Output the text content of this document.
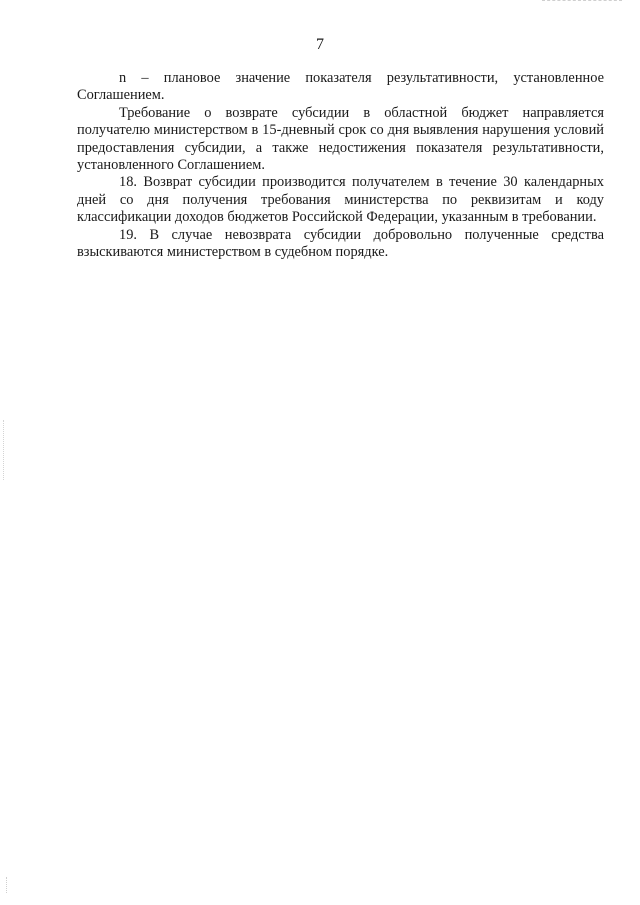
7

n – плановое значение показателя результативности, установленное Соглашением.

Требование о возврате субсидии в областной бюджет направляется получателю министерством в 15-дневный срок со дня выявления нарушения условий предоставления субсидии, а также недостижения показателя результативности, установленного Соглашением.

18. Возврат субсидии производится получателем в течение 30 календарных дней со дня получения требования министерства по реквизитам и коду классификации доходов бюджетов Российской Федерации, указанным в требовании.

19. В случае невозврата субсидии добровольно полученные средства взыскиваются министерством в судебном порядке.
